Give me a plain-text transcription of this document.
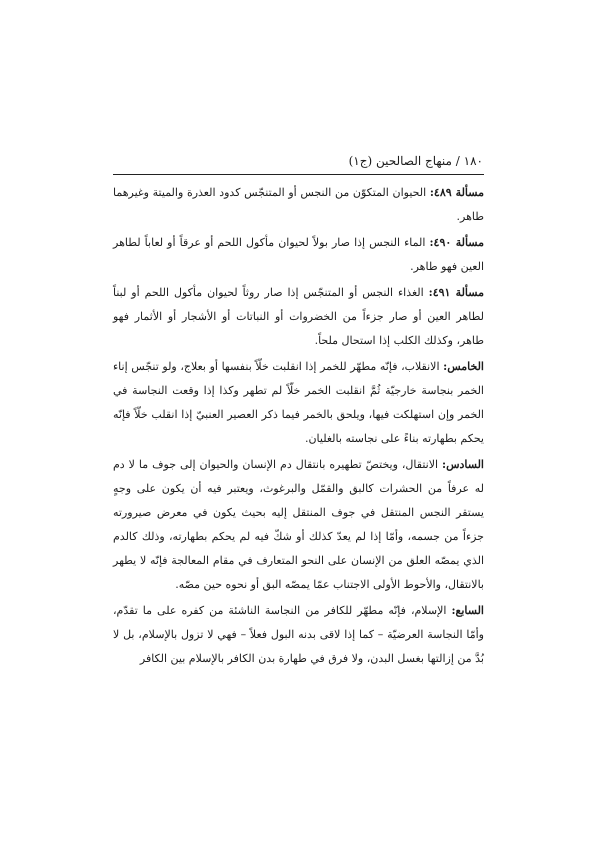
١٨٠ / منهاج الصالحين (ج١)

مسألة ٤٨٩: الحيوان المتكوّن من النجس أو المتنجّس كدود العذرة والميتة وغيرهما طاهر.

مسألة ٤٩٠: الماء النجس إذا صار بولاً لحيوان مأكول اللحم أو عرقاً أو لعاباً لطاهر العين فهو طاهر.

مسألة ٤٩١: الغذاء النجس أو المتنجّس إذا صار روثاً لحيوان مأكول اللحم أو لبناً لطاهر العين أو صار جزءاً من الخضروات أو النباتات أو الأشجار أو الأثمار فهو طاهر، وكذلك الكلب إذا استحال ملحاً.

الخامس: الانقلاب، فإنّه مطهّر للخمر إذا انقلبت خلّاً بنفسها أو بعلاج، ولو تنجّس إناء الخمر بنجاسة خارجيّة ثُمَّ انقلبت الخمر خلّاً لم تطهر وكذا إذا وقعت النجاسة في الخمر وإن استهلكت فيها، ويلحق بالخمر فيما ذكر العصير العنبيّ إذا انقلب خلّاً فإنّه يحكم بطهارته بناءً على نجاسته بالغليان.

السادس: الانتقال، ويختصّ تطهيره بانتقال دم الإنسان والحيوان إلى جوف ما لا دم له عرفاً من الحشرات كالبق والقمّل والبرغوث، ويعتبر فيه أن يكون على وجهٍ يستقر النجس المنتقل في جوف المنتقل إليه بحيث يكون في معرض صيرورته جزءاً من جسمه، وأمّا إذا لم يعدّ كذلك أو شكّ فيه لم يحكم بطهارته، وذلك كالدم الذي يمصّه العلق من الإنسان على النحو المتعارف في مقام المعالجة فإنّه لا يطهر بالانتقال، والأحوط الأولى الاجتناب عمّا يمصّه البق أو نحوه حين مصّه.

السابع: الإسلام، فإنّه مطهّر للكافر من النجاسة الناشئة من كفره على ما تقدّم، وأمّا النجاسة العرضيّة – كما إذا لاقى بدنه البول فعلاً – فهي لا تزول بالإسلام، بل لا بُدَّ من إزالتها بغسل البدن، ولا فرق في طهارة بدن الكافر بالإسلام بين الكافر
